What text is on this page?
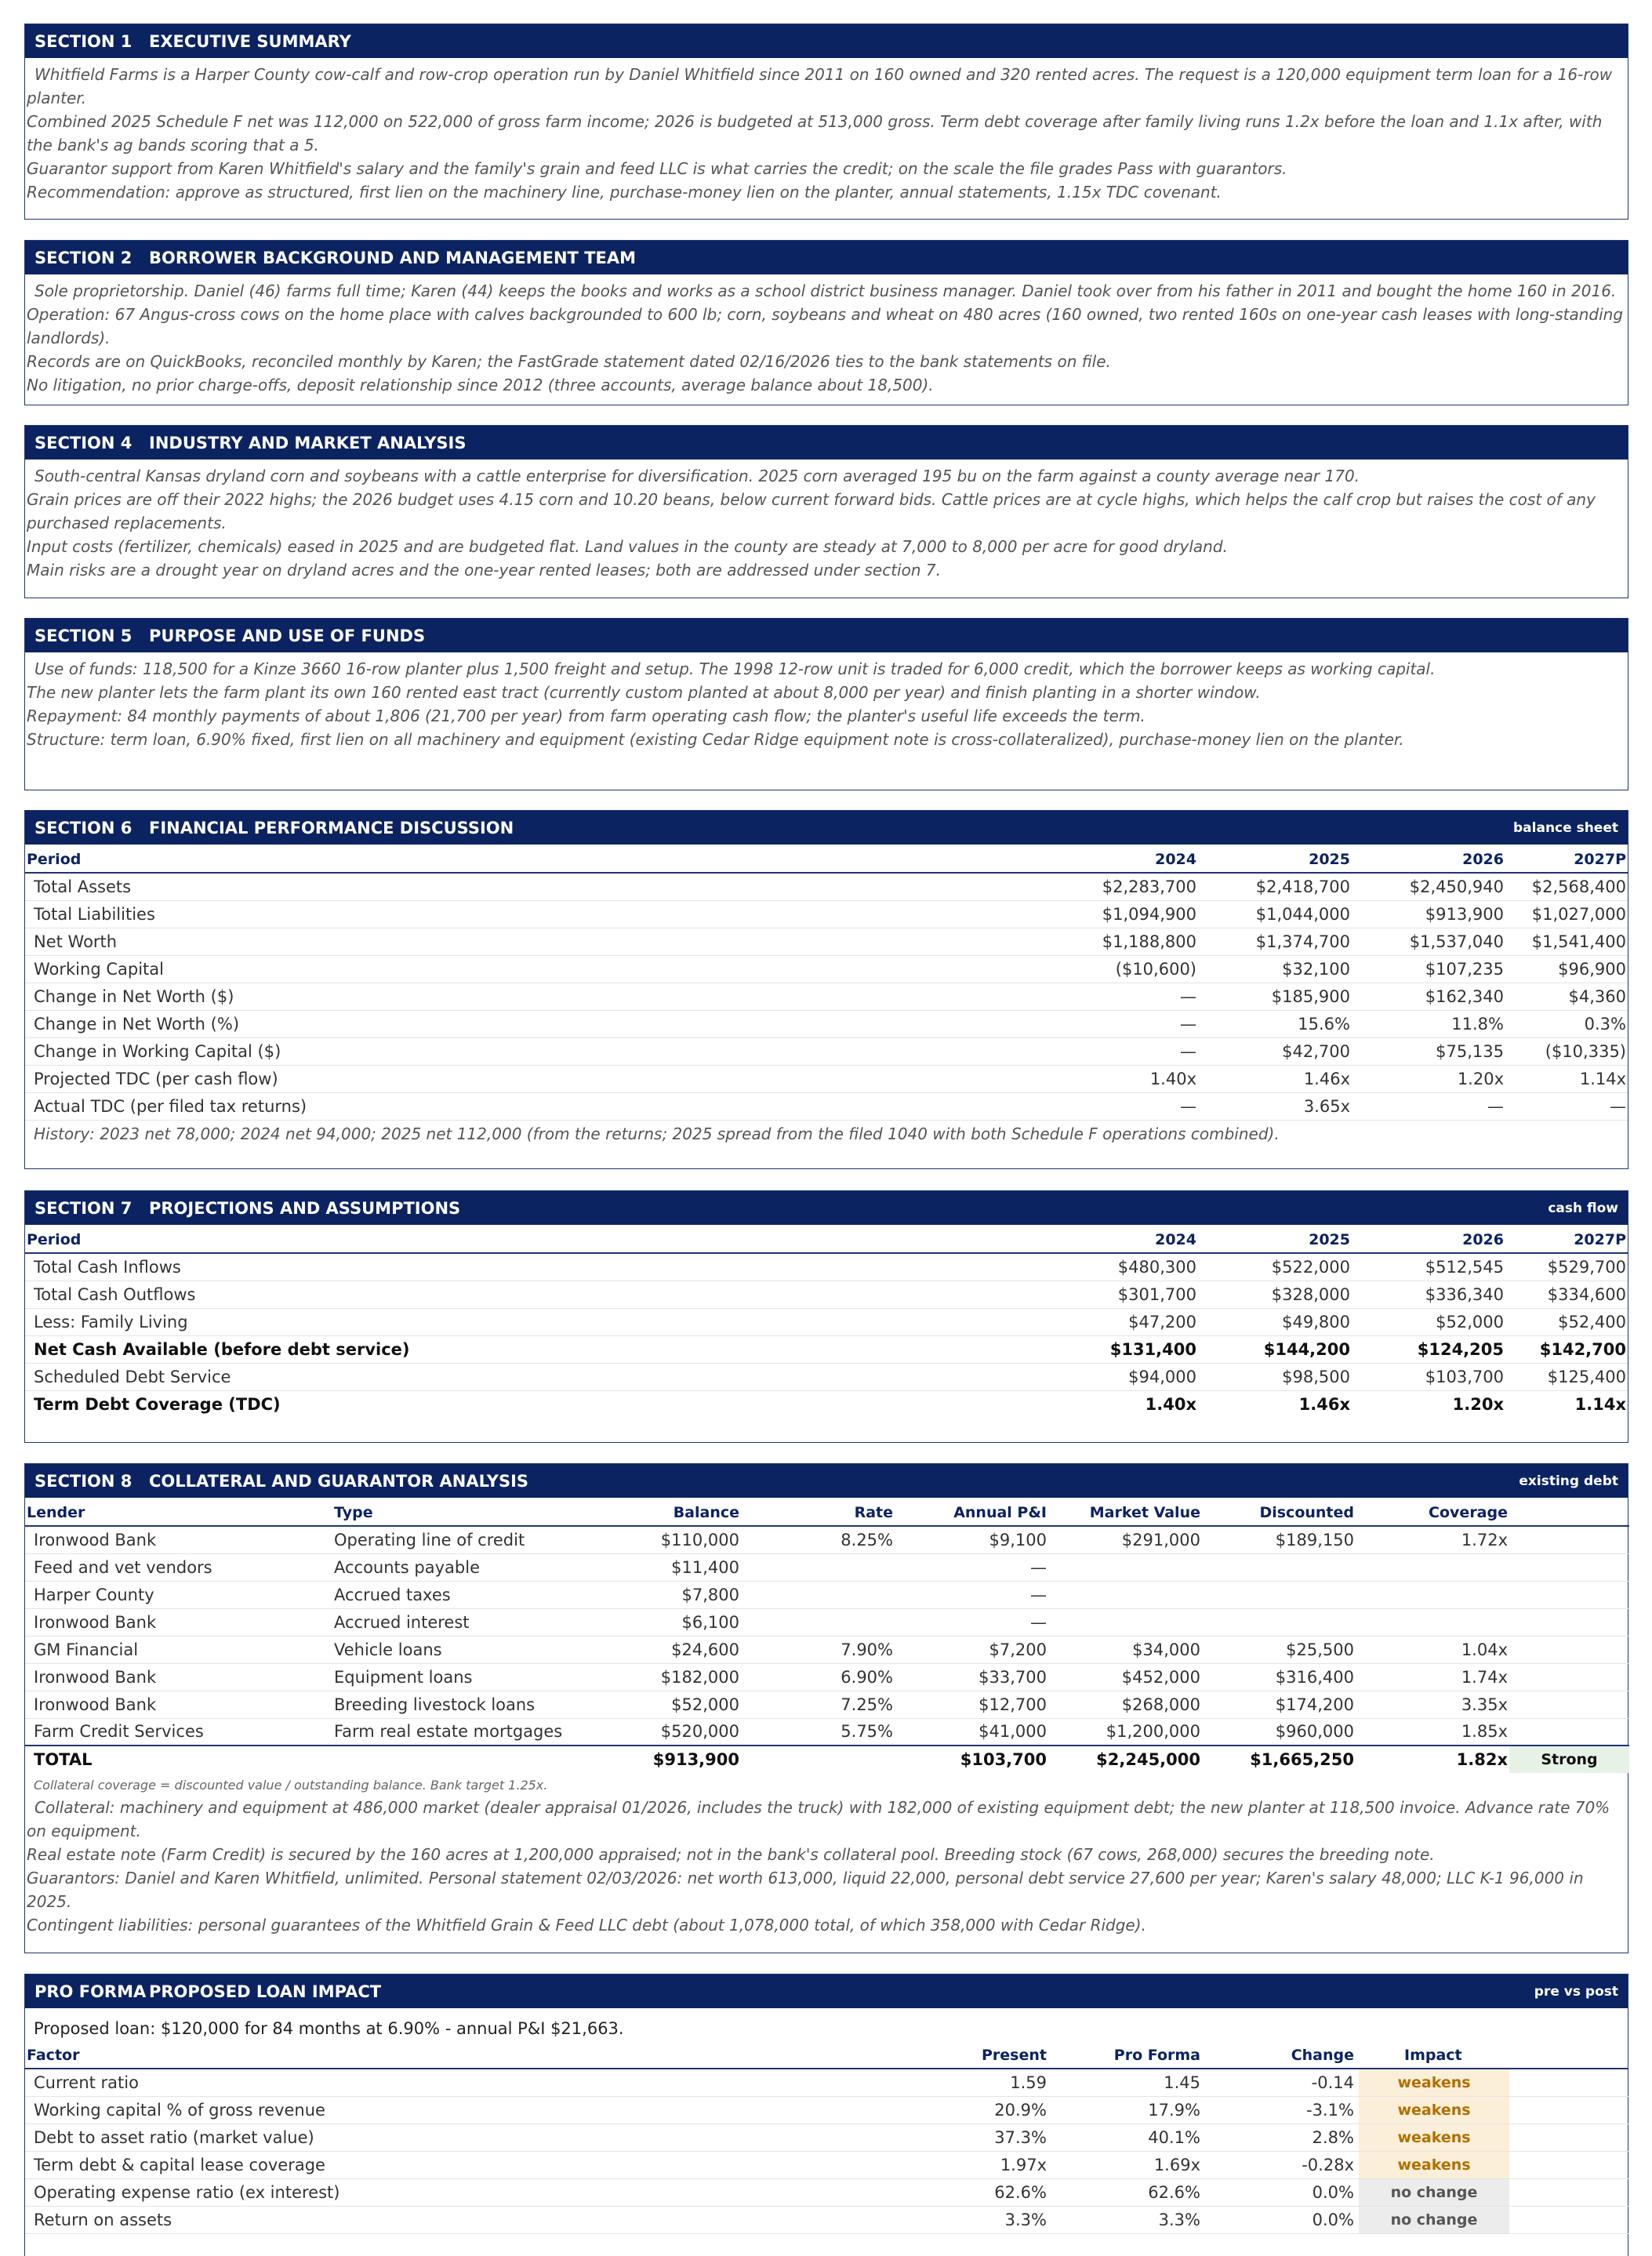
SECTION 1	EXECUTIVE SUMMARY

Whitfield Farms is a Harper County cow-calf and row-crop operation run by Daniel Whitfield since 2011 on 160 owned and 320 rented acres. The request is a 120,000 equipment term loan for a 16-row planter.

Combined 2025 Schedule F net was 112,000 on 522,000 of gross farm income; 2026 is budgeted at 513,000 gross. Term debt coverage after family living runs 1.2x before the loan and 1.1x after, with the bank's ag bands scoring that a 5.

Guarantor support from Karen Whitfield's salary and the family's grain and feed LLC is what carries the credit; on the scale the file grades Pass with guarantors.

Recommendation: approve as structured, first lien on the machinery line, purchase-money lien on the planter, annual statements, 1.15x TDC covenant.

SECTION 2	BORROWER BACKGROUND AND MANAGEMENT TEAM

Sole proprietorship. Daniel (46) farms full time; Karen (44) keeps the books and works as a school district business manager. Daniel took over from his father in 2011 and bought the home 160 in 2016.

Operation: 67 Angus-cross cows on the home place with calves backgrounded to 600 lb; corn, soybeans and wheat on 480 acres (160 owned, two rented 160s on one-year cash leases with long-standing landlords).

Records are on QuickBooks, reconciled monthly by Karen; the FastGrade statement dated 02/16/2026 ties to the bank statements on file.

No litigation, no prior charge-offs, deposit relationship since 2012 (three accounts, average balance about 18,500).

SECTION 4	INDUSTRY AND MARKET ANALYSIS

South-central Kansas dryland corn and soybeans with a cattle enterprise for diversification. 2025 corn averaged 195 bu on the farm against a county average near 170.

Grain prices are off their 2022 highs; the 2026 budget uses 4.15 corn and 10.20 beans, below current forward bids. Cattle prices are at cycle highs, which helps the calf crop but raises the cost of any purchased replacements.

Input costs (fertilizer, chemicals) eased in 2025 and are budgeted flat. Land values in the county are steady at 7,000 to 8,000 per acre for good dryland.

Main risks are a drought year on dryland acres and the one-year rented leases; both are addressed under section 7.

SECTION 5	PURPOSE AND USE OF FUNDS

Use of funds: 118,500 for a Kinze 3660 16-row planter plus 1,500 freight and setup. The 1998 12-row unit is traded for 6,000 credit, which the borrower keeps as working capital.

The new planter lets the farm plant its own 160 rented east tract (currently custom planted at about 8,000 per year) and finish planting in a shorter window.

Repayment: 84 monthly payments of about 1,806 (21,700 per year) from farm operating cash flow; the planter's useful life exceeds the term.

Structure: term loan, 6.90% fixed, first lien on all machinery and equipment (existing Cedar Ridge equipment note is cross-collateralized), purchase-money lien on the planter.

SECTION 6	FINANCIAL PERFORMANCE DISCUSSION	balance sheet
Period	2024	2025	2026	2027P
Total Assets	$2,283,700	$2,418,700	$2,450,940	$2,568,400
Total Liabilities	$1,094,900	$1,044,000	$913,900	$1,027,000
Net Worth	$1,188,800	$1,374,700	$1,537,040	$1,541,400
Working Capital	($10,600)	$32,100	$107,235	$96,900
Change in Net Worth ($)	—	$185,900	$162,340	$4,360
Change in Net Worth (%)	—	15.6%	11.8%	0.3%
Change in Working Capital ($)	—	$42,700	$75,135	($10,335)
Projected TDC (per cash flow)	1.40x	1.46x	1.20x	1.14x
Actual TDC (per filed tax returns)	—	3.65x	—	—
History: 2023 net 78,000; 2024 net 94,000; 2025 net 112,000 (from the returns; 2025 spread from the filed 1040 with both Schedule F operations combined).				
SECTION 7	PROJECTIONS AND ASSUMPTIONS	cash flow
Period	2024	2025	2026	2027P
Total Cash Inflows	$480,300	$522,000	$512,545	$529,700
Total Cash Outflows	$301,700	$328,000	$336,340	$334,600
Less: Family Living	$47,200	$49,800	$52,000	$52,400
Net Cash Available (before debt service)	$131,400	$144,200	$124,205	$142,700
Scheduled Debt Service	$94,000	$98,500	$103,700	$125,400
Term Debt Coverage (TDC)	1.40x	1.46x	1.20x	1.14x
SECTION 8	COLLATERAL AND GUARANTOR ANALYSIS	existing debt
Lender	Type	Balance	Rate	Annual P&I	Market Value	Discounted	Coverage	
Ironwood Bank	Operating line of credit	$110,000	8.25%	$9,100	$291,000	$189,150	1.72x	
Feed and vet vendors	Accounts payable	$11,400		—				
Harper County	Accrued taxes	$7,800		—				
Ironwood Bank	Accrued interest	$6,100		—				
GM Financial	Vehicle loans	$24,600	7.90%	$7,200	$34,000	$25,500	1.04x	
Ironwood Bank	Equipment loans	$182,000	6.90%	$33,700	$452,000	$316,400	1.74x	
Ironwood Bank	Breeding livestock loans	$52,000	7.25%	$12,700	$268,000	$174,200	3.35x	
Farm Credit Services	Farm real estate mortgages	$520,000	5.75%	$41,000	$1,200,000	$960,000	1.85x	
TOTAL		$913,900		$103,700	$2,245,000	$1,665,250	1.82x	Strong
Collateral coverage = discounted value / outstanding balance. Bank target 1.25x.

Collateral: machinery and equipment at 486,000 market (dealer appraisal 01/2026, includes the truck) with 182,000 of existing equipment debt; the new planter at 118,500 invoice. Advance rate 70% on equipment.

Real estate note (Farm Credit) is secured by the 160 acres at 1,200,000 appraised; not in the bank's collateral pool. Breeding stock (67 cows, 268,000) secures the breeding note.

Guarantors: Daniel and Karen Whitfield, unlimited. Personal statement 02/03/2026: net worth 613,000, liquid 22,000, personal debt service 27,600 per year; Karen's salary 48,000; LLC K-1 96,000 in 2025.

Contingent liabilities: personal guarantees of the Whitfield Grain & Feed LLC debt (about 1,078,000 total, of which 358,000 with Cedar Ridge).

PRO FORMA PROPOSED LOAN IMPACT	pre vs post
Proposed loan: $120,000 for 84 months at 6.90% - annual P&I $21,663.
Factor	Present	Pro Forma	Change	Impact	
Current ratio	1.59	1.45	-0.14	weakens	

Working capital % of gross revenue	20.9%	17.9%	-3.1%	weakens	

Debt to asset ratio (market value)	37.3%	40.1%	2.8%	weakens	

Term debt & capital lease coverage	1.97x	1.69x	-0.28x	weakens	

Operating expense ratio (ex interest)	62.6%	62.6%	0.0%	no change	

Return on assets	3.3%	3.3%	0.0%	no change	
